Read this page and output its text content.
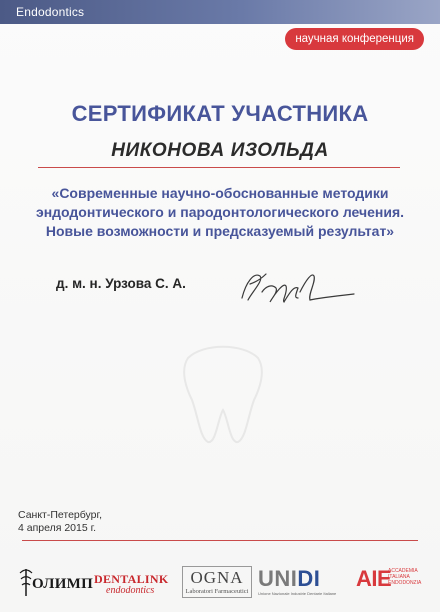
Endodontics
научная конференция
СЕРТИФИКАТ УЧАСТНИКА
НИКОНОВА ИЗОЛЬДА
«Современные научно-обоснованные методики
эндодонтического и пародонтологического лечения.
Новые возможности и предсказуемый результат»
д. м. н. Урзова С. А.
Санкт-Петербург,
4 апреля 2015 г.
ОЛИМП DENTALINK
endodontics
OGNA
Laboratori Farmaceutici
UNIDI
Unione Nazionale Industrie Dentarie Italiane
AIE
ACCADEMIA
ITALIANA
ENDODONZIA
